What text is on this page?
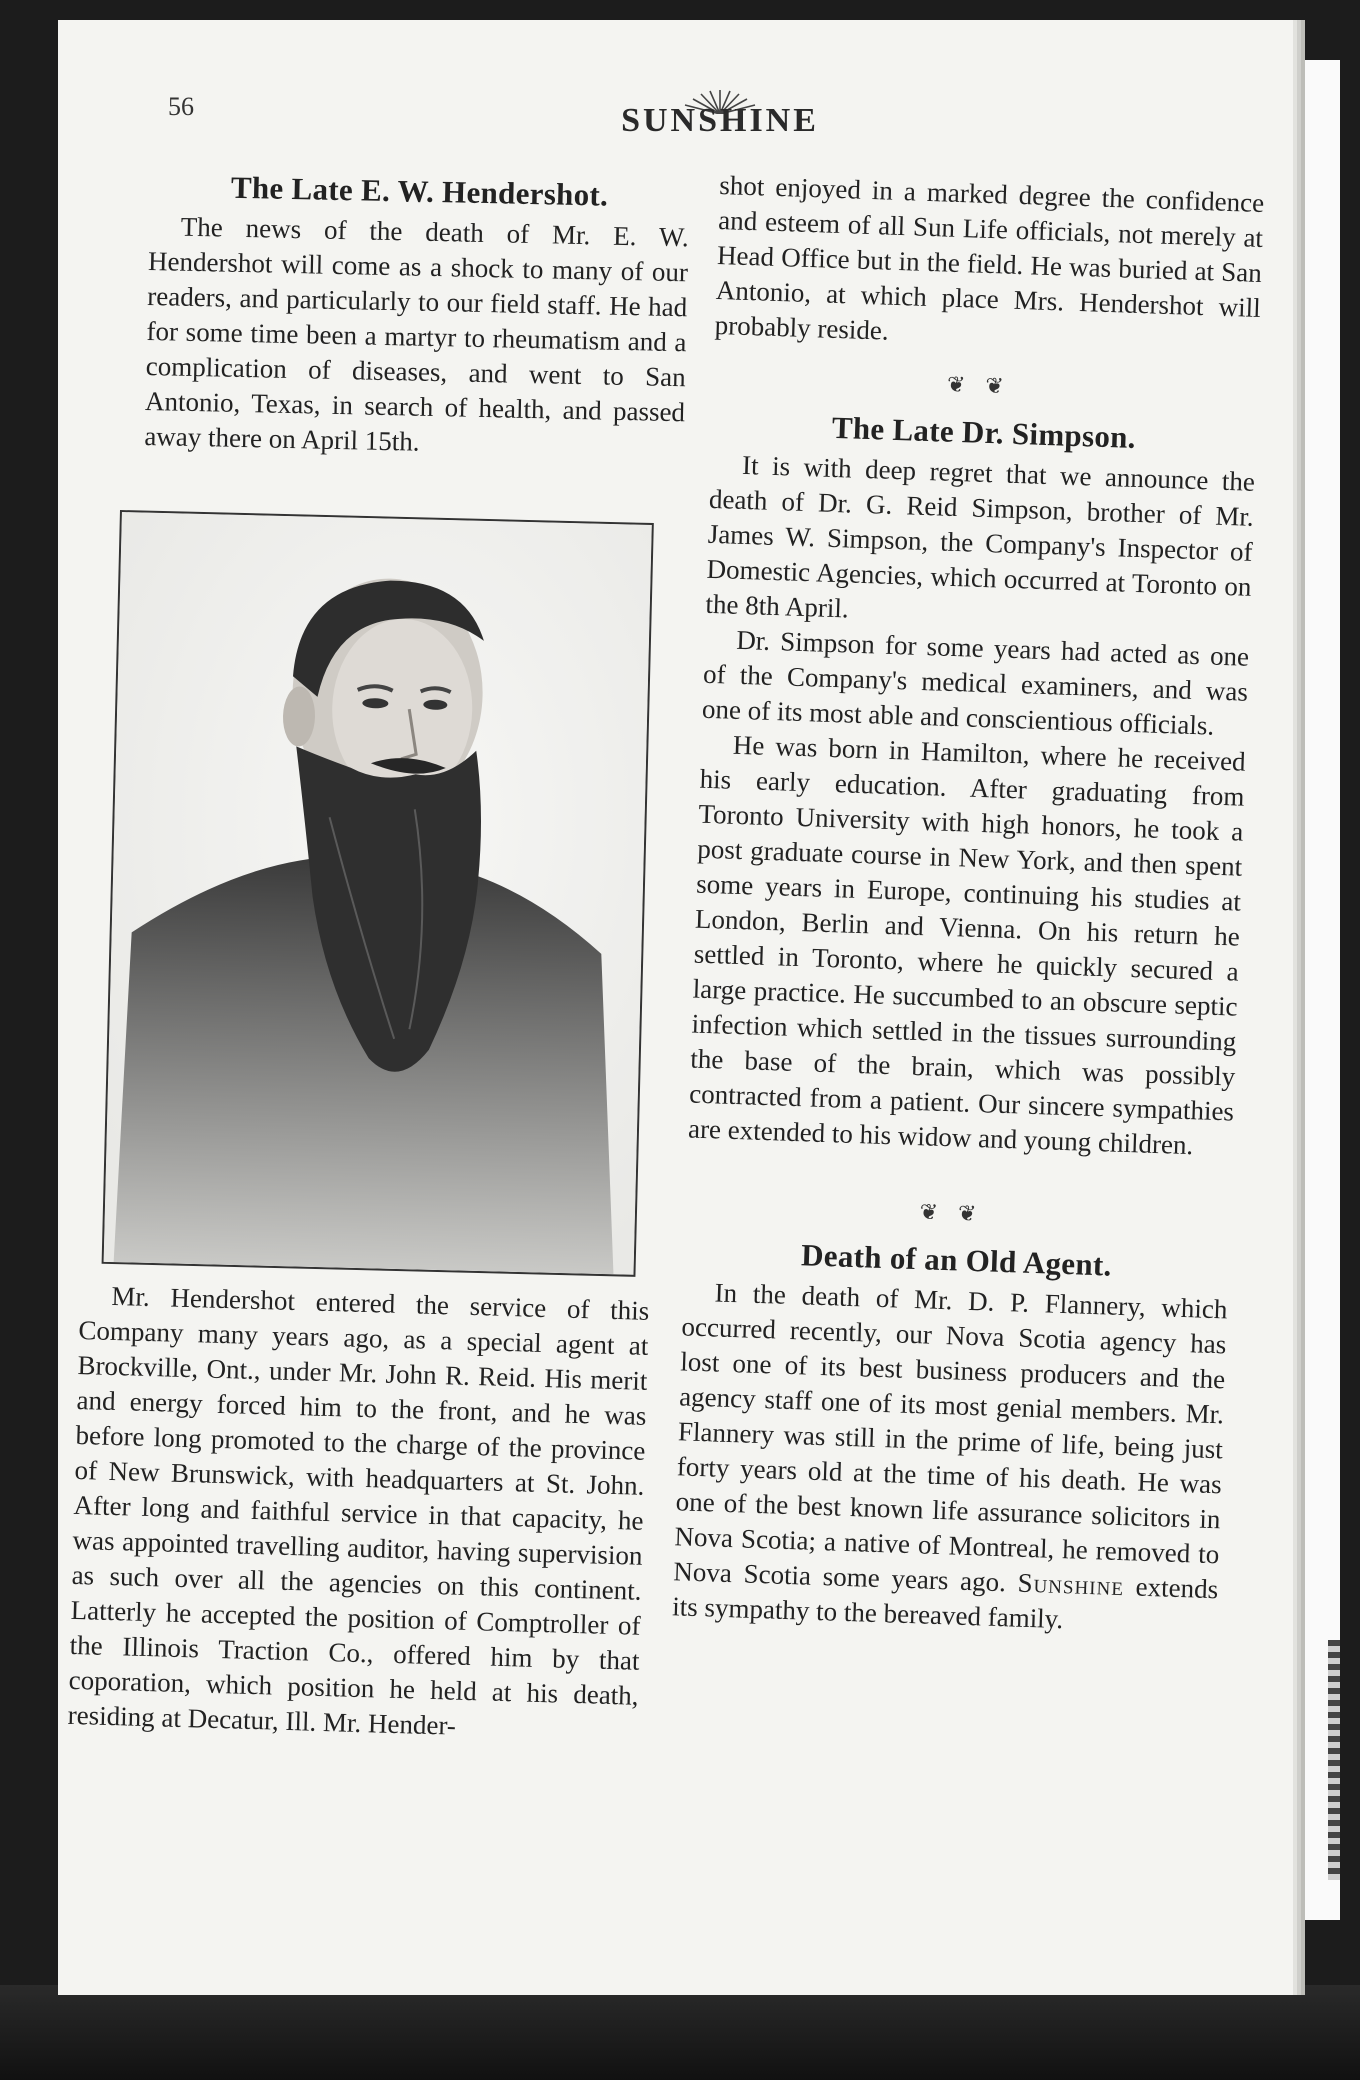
56	SUNSHINE
The Late E. W. Hendershot.

The news of the death of Mr. E. W. Hendershot will come as a shock to many of our readers, and particularly to our field staff. He had for some time been a martyr to rheumatism and a complication of diseases, and went to San Antonio, Texas, in search of health, and passed away there on April 15th.

Mr. Hendershot entered the service of this Company many years ago, as a special agent at Brockville, Ont., under Mr. John R. Reid. His merit and energy forced him to the front, and he was before long promoted to the charge of the province of New Brunswick, with headquarters at St. John. After long and faithful service in that capacity, he was appointed travelling auditor, having supervision as such over all the agencies on this continent. Latterly he accepted the position of Comptroller of the Illinois Traction Co., offered him by that coporation, which position he held at his death, residing at Decatur, Ill. Mr. Hender-

shot enjoyed in a marked degree the confidence and esteem of all Sun Life officials, not merely at Head Office but in the field. He was buried at San Antonio, at which place Mrs. Hendershot will probably reside.

❦❦
The Late Dr. Simpson.

It is with deep regret that we announce the death of Dr. G. Reid Simpson, brother of Mr. James W. Simpson, the Company's Inspector of Domestic Agencies, which occurred at Toronto on the 8th April.

Dr. Simpson for some years had acted as one of the Company's medical examiners, and was one of its most able and conscientious officials.

He was born in Hamilton, where he received his early education. After graduating from Toronto University with high honors, he took a post graduate course in New York, and then spent some years in Europe, continuing his studies at London, Berlin and Vienna. On his return he settled in Toronto, where he quickly secured a large practice. He succumbed to an obscure septic infection which settled in the tissues surrounding the base of the brain, which was possibly contracted from a patient. Our sincere sympathies are extended to his widow and young children.

❦❦
Death of an Old Agent.

In the death of Mr. D. P. Flannery, which occurred recently, our Nova Scotia agency has lost one of its best business producers and the agency staff one of its most genial members. Mr. Flannery was still in the prime of life, being just forty years old at the time of his death. He was one of the best known life assurance solicitors in Nova Scotia; a native of Montreal, he removed to Nova Scotia some years ago. Sunshine extends its sympathy to the bereaved family.
